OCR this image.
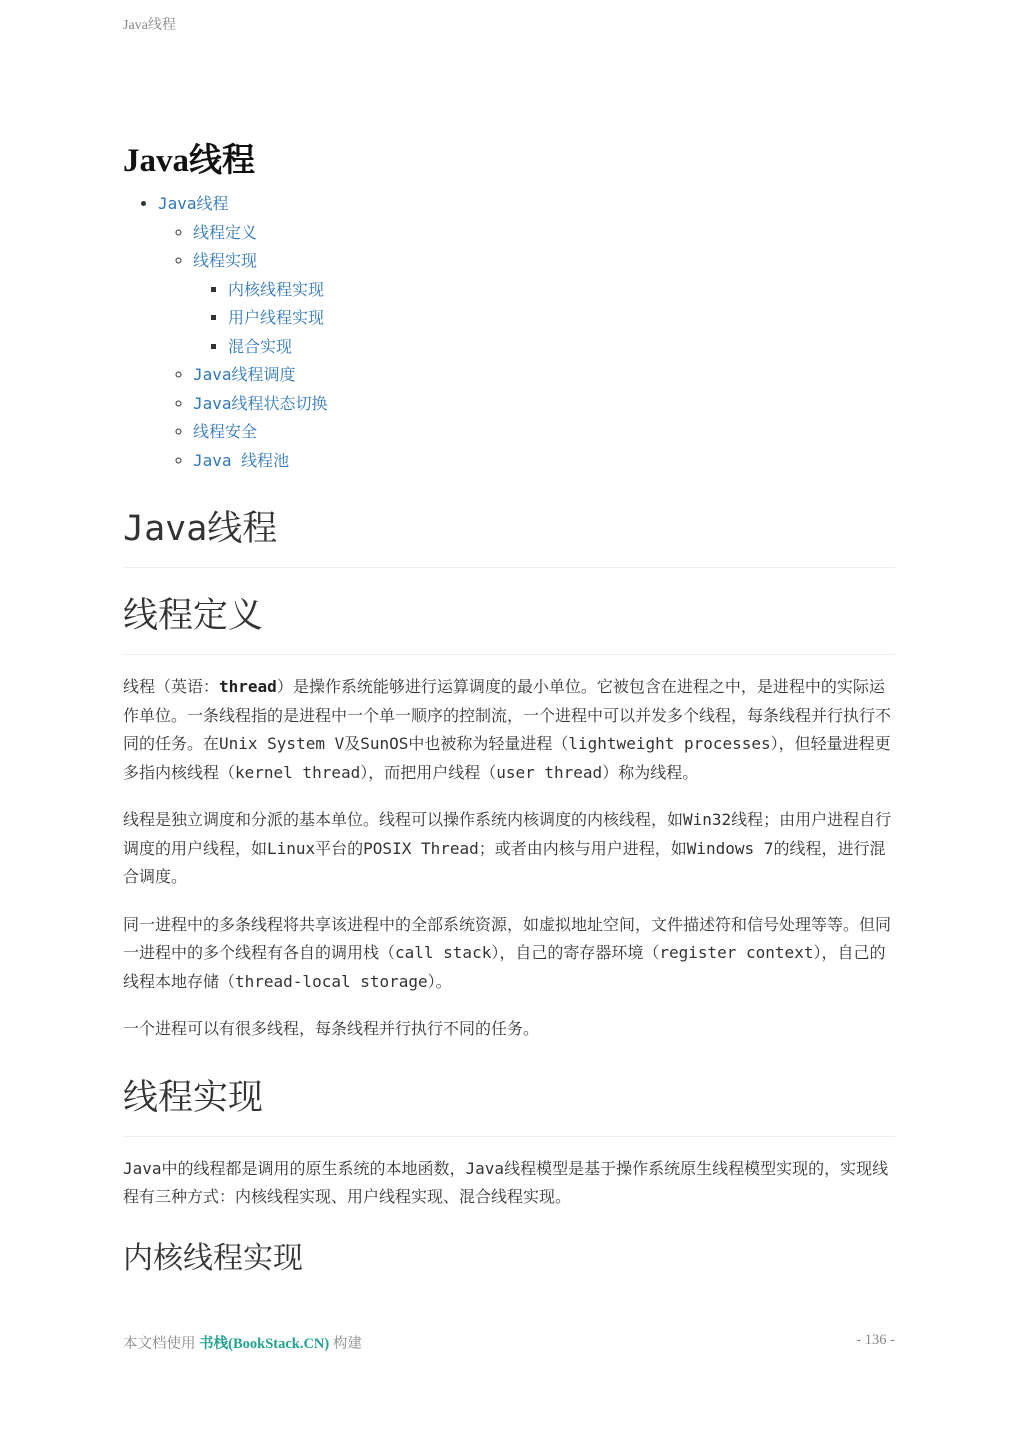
Java线程
Java线程
• Java线程
◦ 线程定义
◦ 线程实现
▪ 内核线程实现
▪ 用户线程实现
▪ 混合实现
◦ Java线程调度
◦ Java线程状态切换
◦ 线程安全
◦ Java 线程池
Java线程
线程定义

线程（英语：thread）是操作系统能够进行运算调度的最小单位。它被包含在进程之中，是进程中的实际运作单位。一条线程指的是进程中一个单一顺序的控制流，一个进程中可以并发多个线程，每条线程并行执行不同的任务。在Unix System V及SunOS中也被称为轻量进程（lightweight processes），但轻量进程更多指内核线程（kernel thread），而把用户线程（user thread）称为线程。

线程是独立调度和分派的基本单位。线程可以操作系统内核调度的内核线程，如Win32线程；由用户进程自行调度的用户线程，如Linux平台的POSIX Thread；或者由内核与用户进程，如Windows 7的线程，进行混合调度。

同一进程中的多条线程将共享该进程中的全部系统资源，如虚拟地址空间，文件描述符和信号处理等等。但同一进程中的多个线程有各自的调用栈（call stack），自己的寄存器环境（register context），自己的线程本地存储（thread-local storage）。

一个进程可以有很多线程，每条线程并行执行不同的任务。

线程实现

Java中的线程都是调用的原生系统的本地函数，Java线程模型是基于操作系统原生线程模型实现的，实现线程有三种方式：内核线程实现、用户线程实现、混合线程实现。

内核线程实现
本文档使用 书栈(BookStack.CN) 构建	- 136 -
